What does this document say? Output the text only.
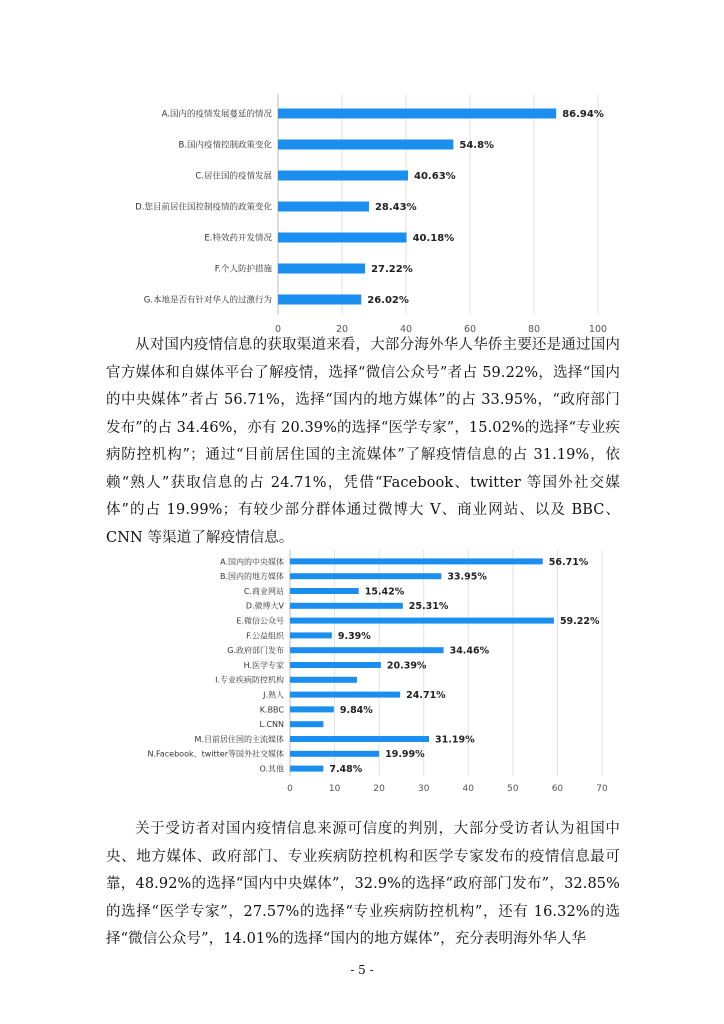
0	20	40	60	80	100
A.国内的疫情发展蔓延的情况	86.94%
B.国内疫情控制政策变化	54.8%
C.居住国的疫情发展	40.63%
D.您目前居住国控制疫情的政策变化	28.43%
E.特效药开发情况	40.18%
F.个人防护措施	27.22%
G.本地是否有针对华人的过激行为	26.02%

从对国内疫情信息的获取渠道来看，大部分海外华人华侨主要还是通过国内官方媒体和自媒体平台了解疫情，选择“微信公众号”者占 59.22%，选择“国内的中央媒体”者占 56.71%，选择“国内的地方媒体”的占 33.95%，“政府部门发布”的占 34.46%，亦有 20.39%的选择“医学专家”，15.02%的选择“专业疾病防控机构”；通过“目前居住国的主流媒体”了解疫情信息的占 31.19%，依赖“熟人”获取信息的占 24.71%，凭借“Facebook、twitter 等国外社交媒体”的占 19.99%；有较少部分群体通过微博大 V、商业网站、以及 BBC、CNN 等渠道了解疫情信息。

0	10	20	30	40	50	60	70
A.国内的中央媒体	56.71%
B.国内的地方媒体	33.95%
C.商业网站	15.42%
D.微博大V	25.31%
E.微信公众号	59.22%
F.公益组织	9.39%
G.政府部门发布	34.46%
H.医学专家	20.39%
I.专业疾病防控机构
J.熟人	24.71%
K.BBC	9.84%
L.CNN
M.目前居住国的主流媒体	31.19%
N.Facebook、twitter等国外社交媒体	19.99%
O.其他	7.48%

关于受访者对国内疫情信息来源可信度的判别，大部分受访者认为祖国中央、地方媒体、政府部门、专业疾病防控机构和医学专家发布的疫情信息最可靠，48.92%的选择“国内中央媒体”，32.9%的选择“政府部门发布”，32.85%的选择“医学专家”，27.57%的选择“专业疾病防控机构”，还有 16.32%的选择“微信公众号”，14.01%的选择“国内的地方媒体”，充分表明海外华人华

- 5 -
